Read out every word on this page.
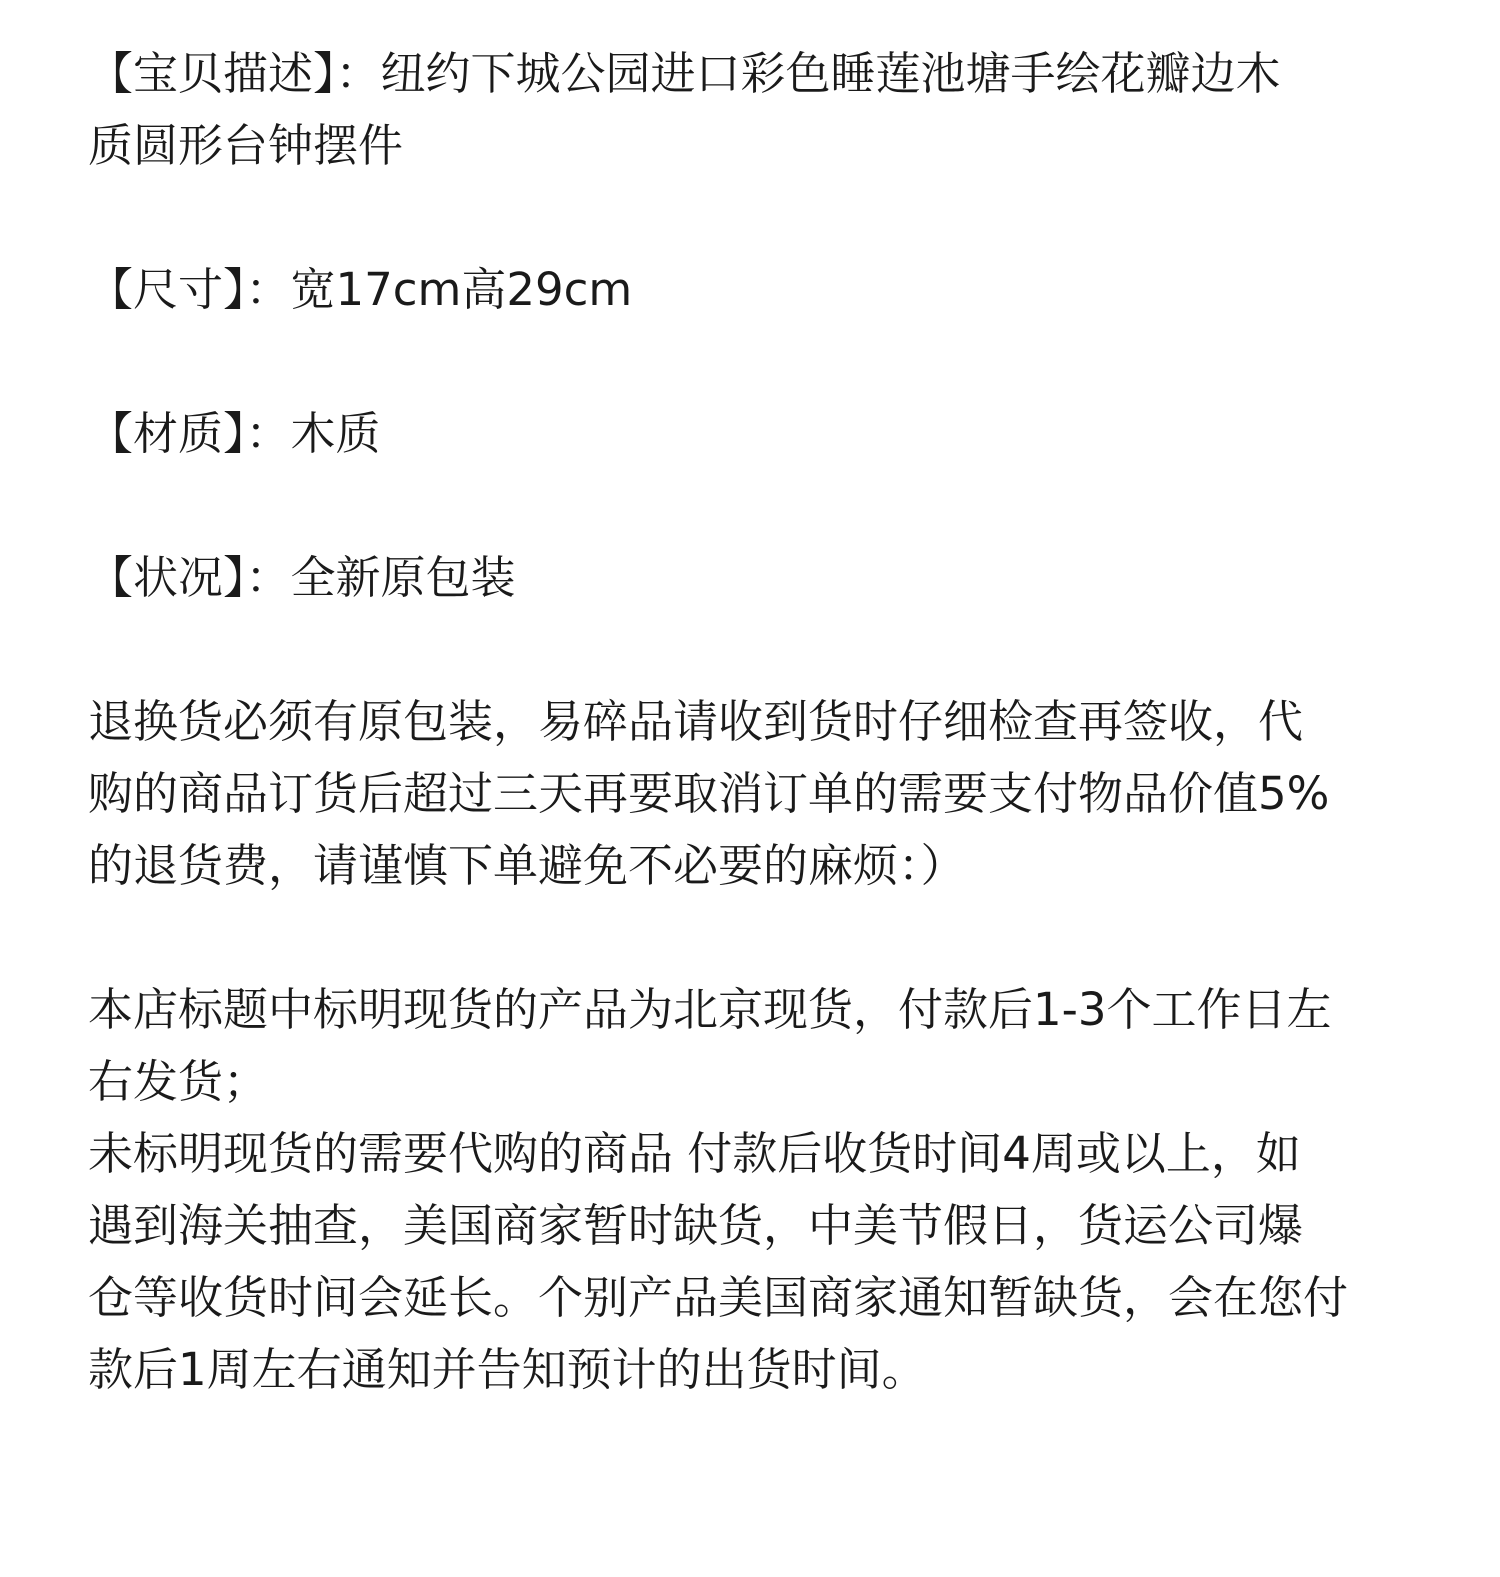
【宝贝描述】：纽约下城公园进口彩色睡莲池塘手绘花瓣边木
质圆形台钟摆件

【尺寸】：宽17cm高29cm

【材质】：木质

【状况】：全新原包装

退换货必须有原包装，易碎品请收到货时仔细检查再签收，代
购的商品订货后超过三天再要取消订单的需要支付物品价值5%
的退货费，请谨慎下单避免不必要的麻烦：）

本店标题中标明现货的产品为北京现货，付款后1-3个工作日左
右发货；
未标明现货的需要代购的商品 付款后收货时间4周或以上，如
遇到海关抽查，美国商家暂时缺货，中美节假日，货运公司爆
仓等收货时间会延长。个别产品美国商家通知暂缺货，会在您付
款后1周左右通知并告知预计的出货时间。
